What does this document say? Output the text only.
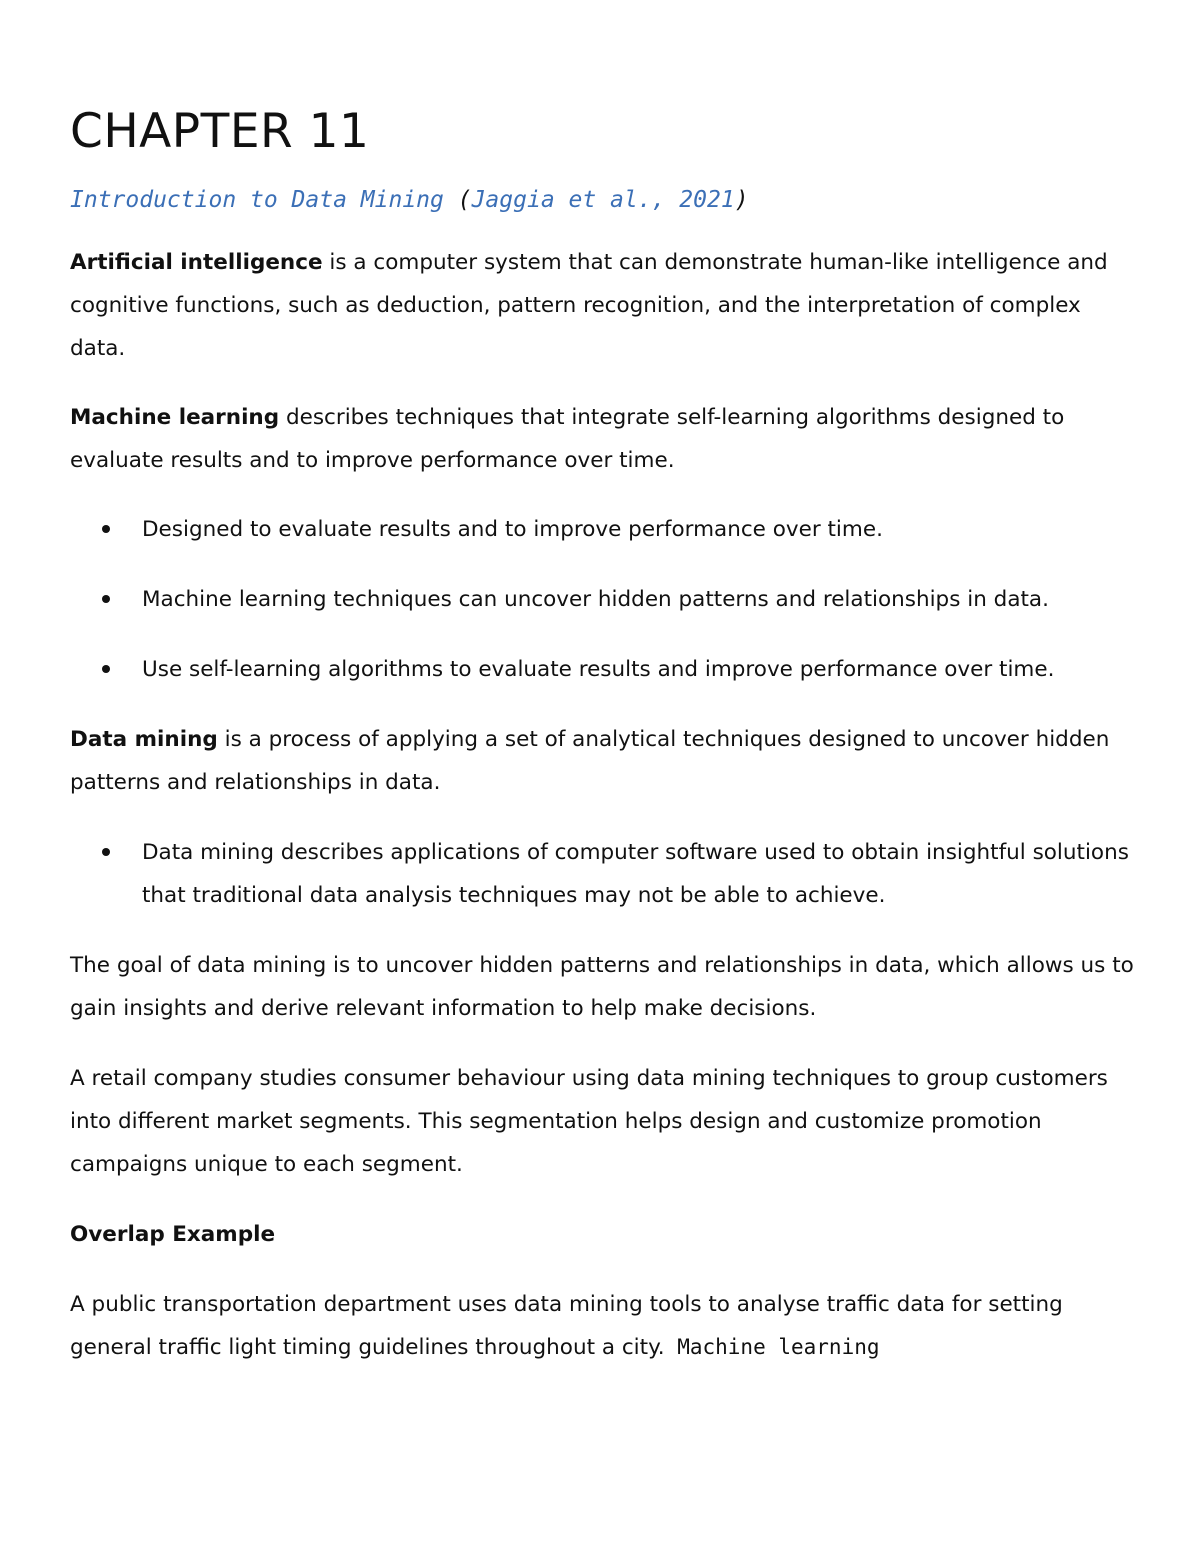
CHAPTER 11
Introduction to Data Mining (Jaggia et al., 2021)

Artificial intelligence is a computer system that can demonstrate human-like intelligence and cognitive functions, such as deduction, pattern recognition, and the interpretation of complex data.

Machine learning describes techniques that integrate self-learning algorithms designed to evaluate results and to improve performance over time.

Designed to evaluate results and to improve performance over time.
Machine learning techniques can uncover hidden patterns and relationships in data.
Use self-learning algorithms to evaluate results and improve performance over time.

Data mining is a process of applying a set of analytical techniques designed to uncover hidden patterns and relationships in data.

Data mining describes applications of computer software used to obtain insightful solutions that traditional data analysis techniques may not be able to achieve.

The goal of data mining is to uncover hidden patterns and relationships in data, which allows us to gain insights and derive relevant information to help make decisions.

A retail company studies consumer behaviour using data mining techniques to group customers into different market segments. This segmentation helps design and customize promotion campaigns unique to each segment.

Overlap Example

A public transportation department uses data mining tools to analyse traffic data for setting general traffic light timing guidelines throughout a city. Machine learning
